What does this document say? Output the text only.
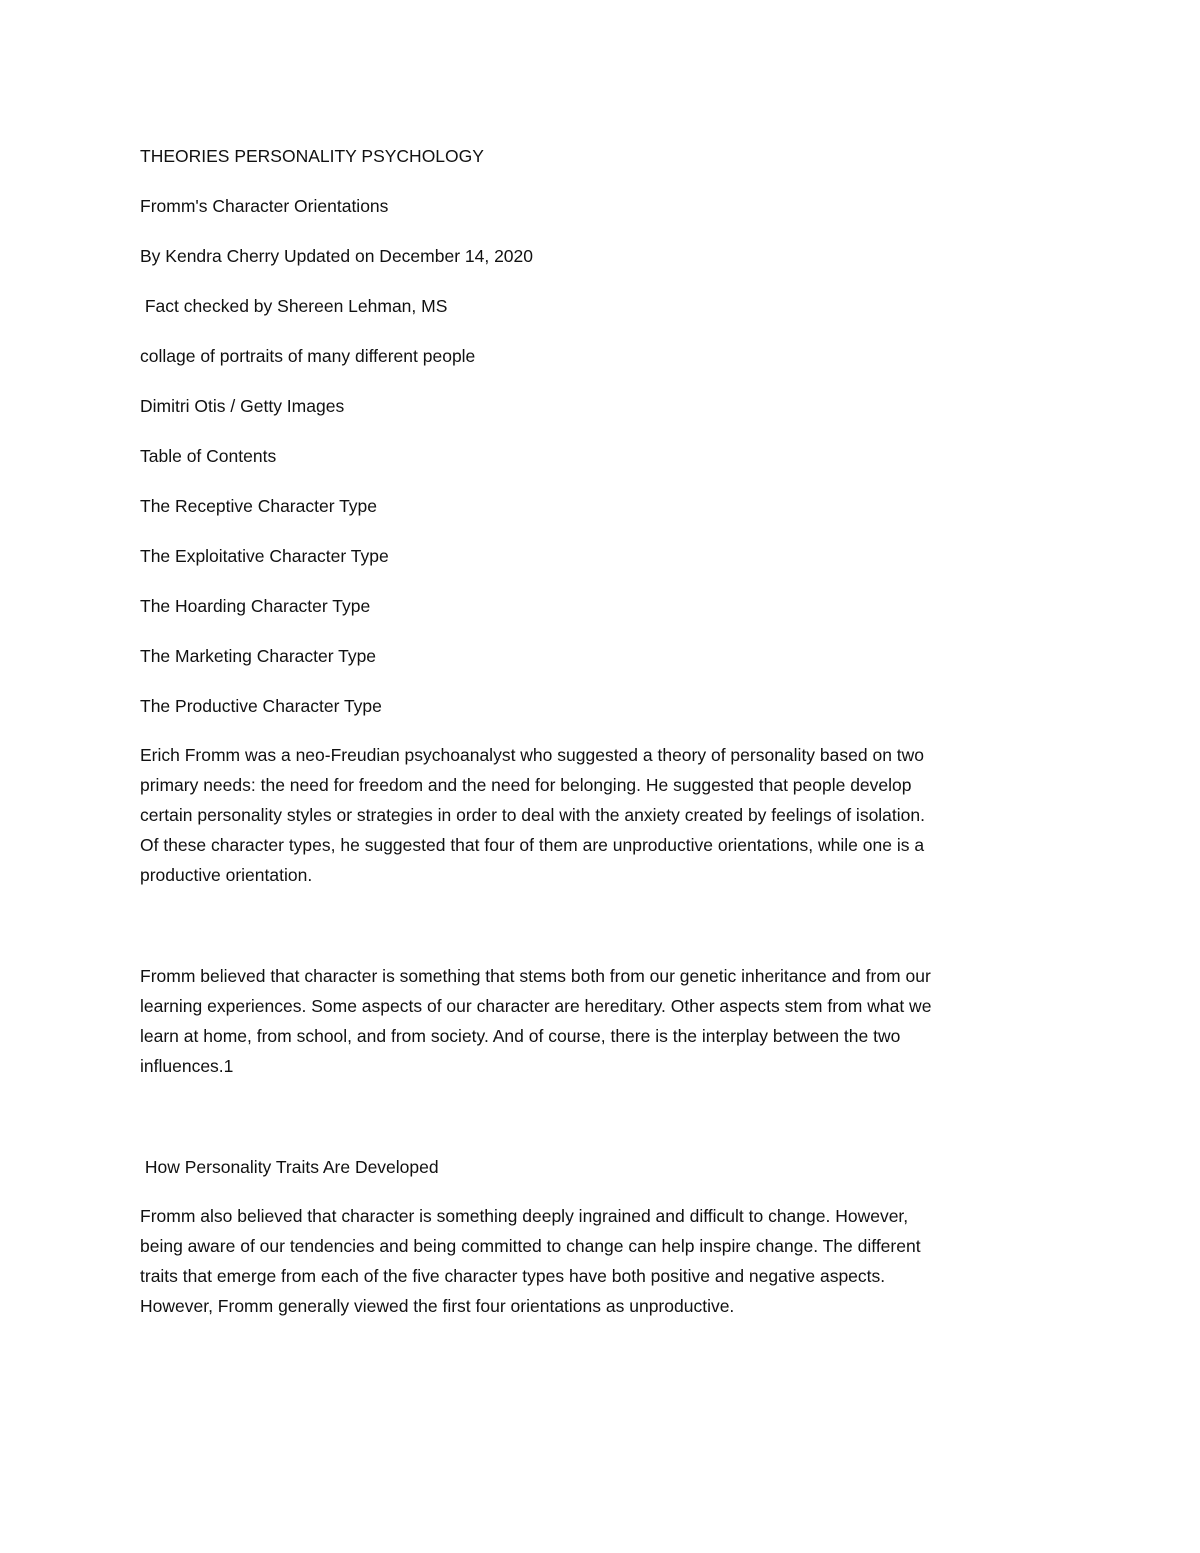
THEORIES PERSONALITY PSYCHOLOGY
Fromm's Character Orientations
By Kendra Cherry Updated on December 14, 2020
Fact checked by Shereen Lehman, MS
collage of portraits of many different people
Dimitri Otis / Getty Images
Table of Contents
The Receptive Character Type
The Exploitative Character Type
The Hoarding Character Type
The Marketing Character Type
The Productive Character Type
Erich Fromm was a neo-Freudian psychoanalyst who suggested a theory of personality based on two
primary needs: the need for freedom and the need for belonging. He suggested that people develop
certain personality styles or strategies in order to deal with the anxiety created by feelings of isolation.
Of these character types, he suggested that four of them are unproductive orientations, while one is a
productive orientation.
Fromm believed that character is something that stems both from our genetic inheritance and from our
learning experiences. Some aspects of our character are hereditary. Other aspects stem from what we
learn at home, from school, and from society. And of course, there is the interplay between the two
influences.1
How Personality Traits Are Developed
Fromm also believed that character is something deeply ingrained and difficult to change. However,
being aware of our tendencies and being committed to change can help inspire change. The different
traits that emerge from each of the five character types have both positive and negative aspects.
However, Fromm generally viewed the first four orientations as unproductive.
